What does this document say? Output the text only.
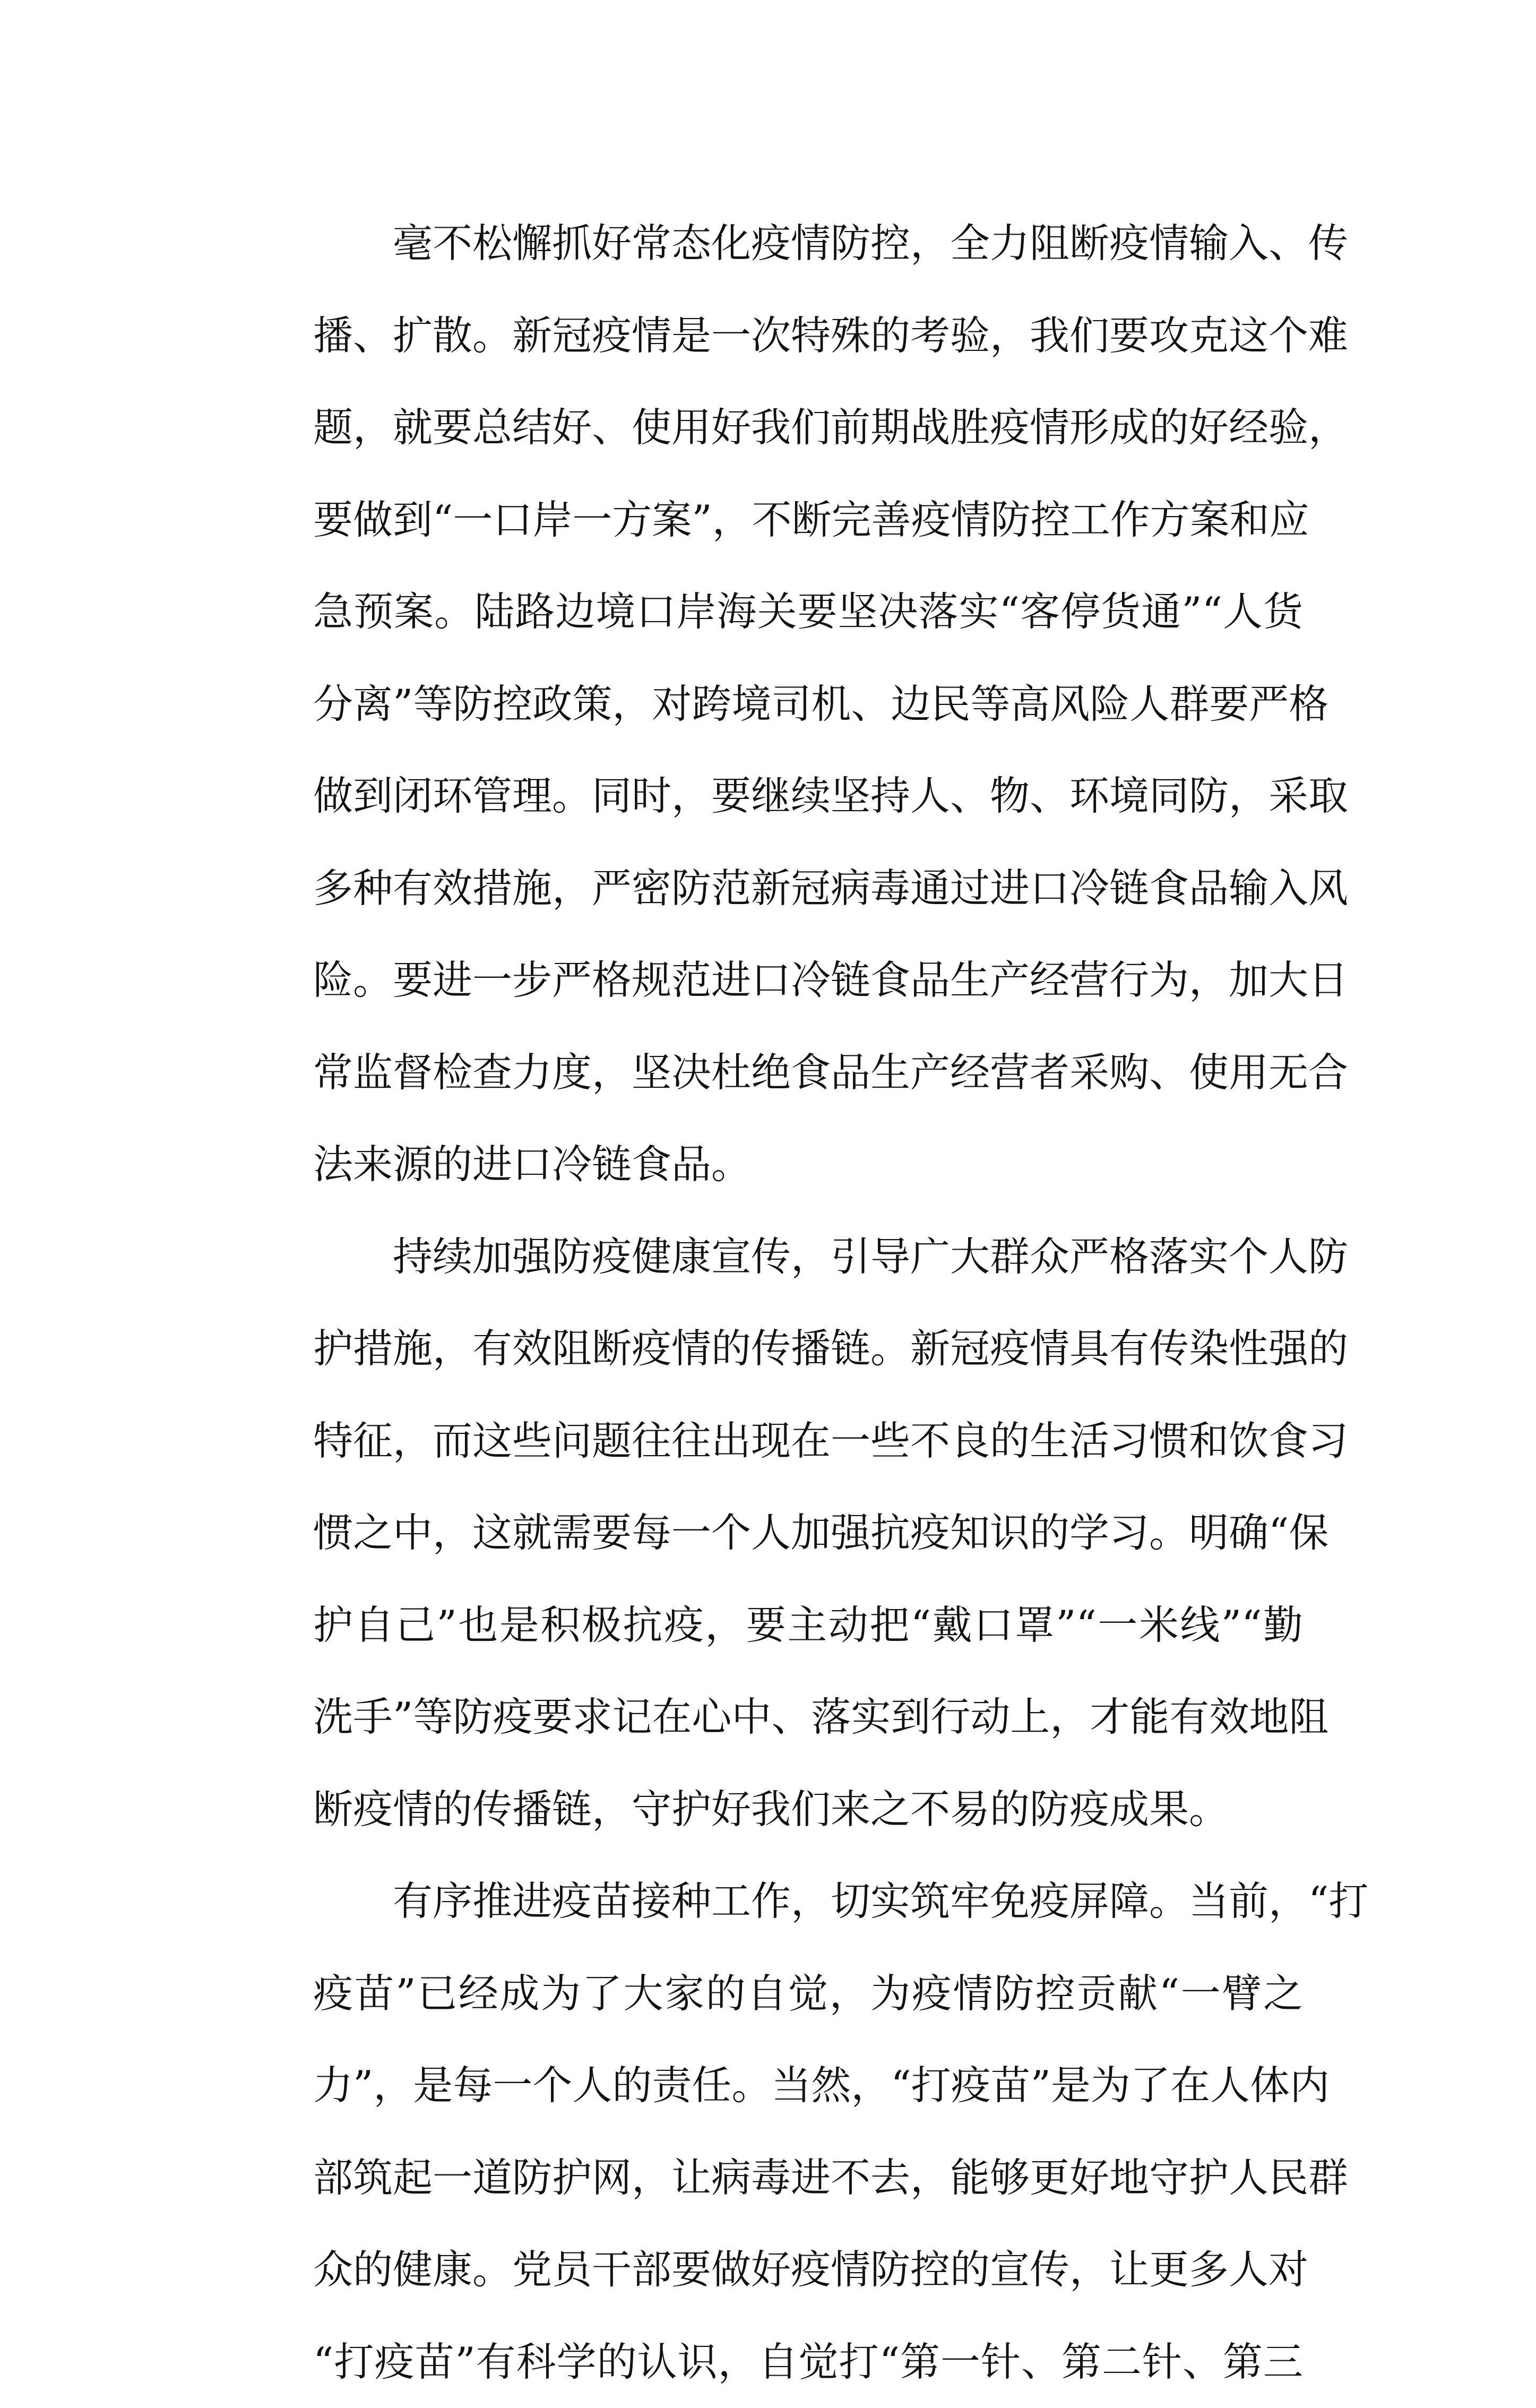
毫不松懈抓好常态化疫情防控，全力阻断疫情输入、传
播、扩散。新冠疫情是一次特殊的考验，我们要攻克这个难
题，就要总结好、使用好我们前期战胜疫情形成的好经验，
要做到“一口岸一方案”，不断完善疫情防控工作方案和应
急预案。陆路边境口岸海关要坚决落实“客停货通”“人货
分离”等防控政策，对跨境司机、边民等高风险人群要严格
做到闭环管理。同时，要继续坚持人、物、环境同防，采取
多种有效措施，严密防范新冠病毒通过进口冷链食品输入风
险。要进一步严格规范进口冷链食品生产经营行为，加大日
常监督检查力度，坚决杜绝食品生产经营者采购、使用无合
法来源的进口冷链食品。
持续加强防疫健康宣传，引导广大群众严格落实个人防
护措施，有效阻断疫情的传播链。新冠疫情具有传染性强的
特征，而这些问题往往出现在一些不良的生活习惯和饮食习
惯之中，这就需要每一个人加强抗疫知识的学习。明确“保
护自己”也是积极抗疫，要主动把“戴口罩”“一米线”“勤
洗手”等防疫要求记在心中、落实到行动上，才能有效地阻
断疫情的传播链，守护好我们来之不易的防疫成果。
有序推进疫苗接种工作，切实筑牢免疫屏障。当前，“打
疫苗”已经成为了大家的自觉，为疫情防控贡献“一臂之
力”，是每一个人的责任。当然，“打疫苗”是为了在人体内
部筑起一道防护网，让病毒进不去，能够更好地守护人民群
众的健康。党员干部要做好疫情防控的宣传，让更多人对
“打疫苗”有科学的认识，自觉打“第一针、第二针、第三
